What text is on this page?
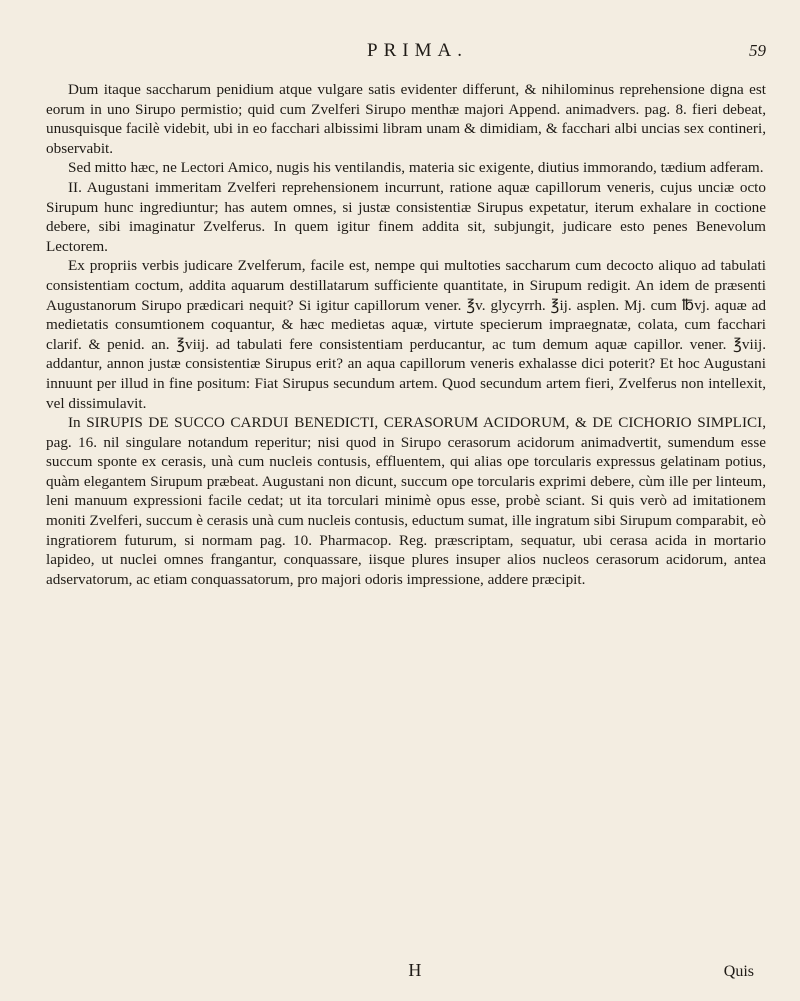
PRIMA.	59

Dum itaque saccharum penidium atque vulgare satis evidenter differunt, & nihilominus reprehensione digna est eorum in uno Sirupo permistio; quid cum Zvelferi Sirupo menthæ majori Append. animadvers. pag. 8. fieri debeat, unusquisque facilè videbit, ubi in eo facchari albissimi libram unam & dimidiam, & facchari albi uncias sex contineri, observabit.

Sed mitto hæc, ne Lectori Amico, nugis his ventilandis, materia sic exigente, diutius immorando, tædium adferam.

II. Augustani immeritam Zvelferi reprehensionem incurrunt, ratione aquæ capillorum veneris, cujus unciæ octo Sirupum hunc ingrediuntur; has autem omnes, si justæ consistentiæ Sirupus expetatur, iterum exhalare in coctione debere, sibi imaginatur Zvelferus. In quem igitur finem addita sit, subjungit, judicare esto penes Benevolum Lectorem.

Ex propriis verbis judicare Zvelferum, facile est, nempe qui multoties saccharum cum decocto aliquo ad tabulati consistentiam coctum, addita aquarum destillatarum sufficiente quantitate, in Sirupum redigit. An idem de præsenti Augustanorum Sirupo prædicari nequit? Si igitur capillorum vener. ℥v. glycyrrh. ℥ij. asplen. Mj. cum ℔vj. aquæ ad medietatis consumtionem coquantur, & hæc medietas aquæ, virtute specierum impraegnatæ, colata, cum facchari clarif. & penid. an. ℥viij. ad tabulati fere consistentiam perducantur, ac tum demum aquæ capillor. vener. ℥viij. addantur, annon justæ consistentiæ Sirupus erit? an aqua capillorum veneris exhalasse dici poterit? Et hoc Augustani innuunt per illud in fine positum: Fiat Sirupus secundum artem. Quod secundum artem fieri, Zvelferus non intellexit, vel dissimulavit.

In SIRUPIS DE SUCCO CARDUI BENEDICTI, CERASORUM ACIDORUM, & DE CICHORIO SIMPLICI, pag. 16. nil singulare notandum reperitur; nisi quod in Sirupo cerasorum acidorum animadvertit, sumendum esse succum sponte ex cerasis, unà cum nucleis contusis, effluentem, qui alias ope torcularis expressus gelatinam potius, quàm elegantem Sirupum præbeat. Augustani non dicunt, succum ope torcularis exprimi debere, cùm ille per linteum, leni manuum expressioni facile cedat; ut ita torculari minimè opus esse, probè sciant. Si quis verò ad imitationem moniti Zvelferi, succum è cerasis unà cum nucleis contusis, eductum sumat, ille ingratum sibi Sirupum comparabit, eò ingratiorem futurum, si normam pag. 10. Pharmacop. Reg. præscriptam, sequatur, ubi cerasa acida in mortario lapideo, ut nuclei omnes frangantur, conquassare, iisque plures insuper alios nucleos cerasorum acidorum, antea adservatorum, ac etiam conquassatorum, pro majori odoris impressione, addere præcipit.

H	Quis
